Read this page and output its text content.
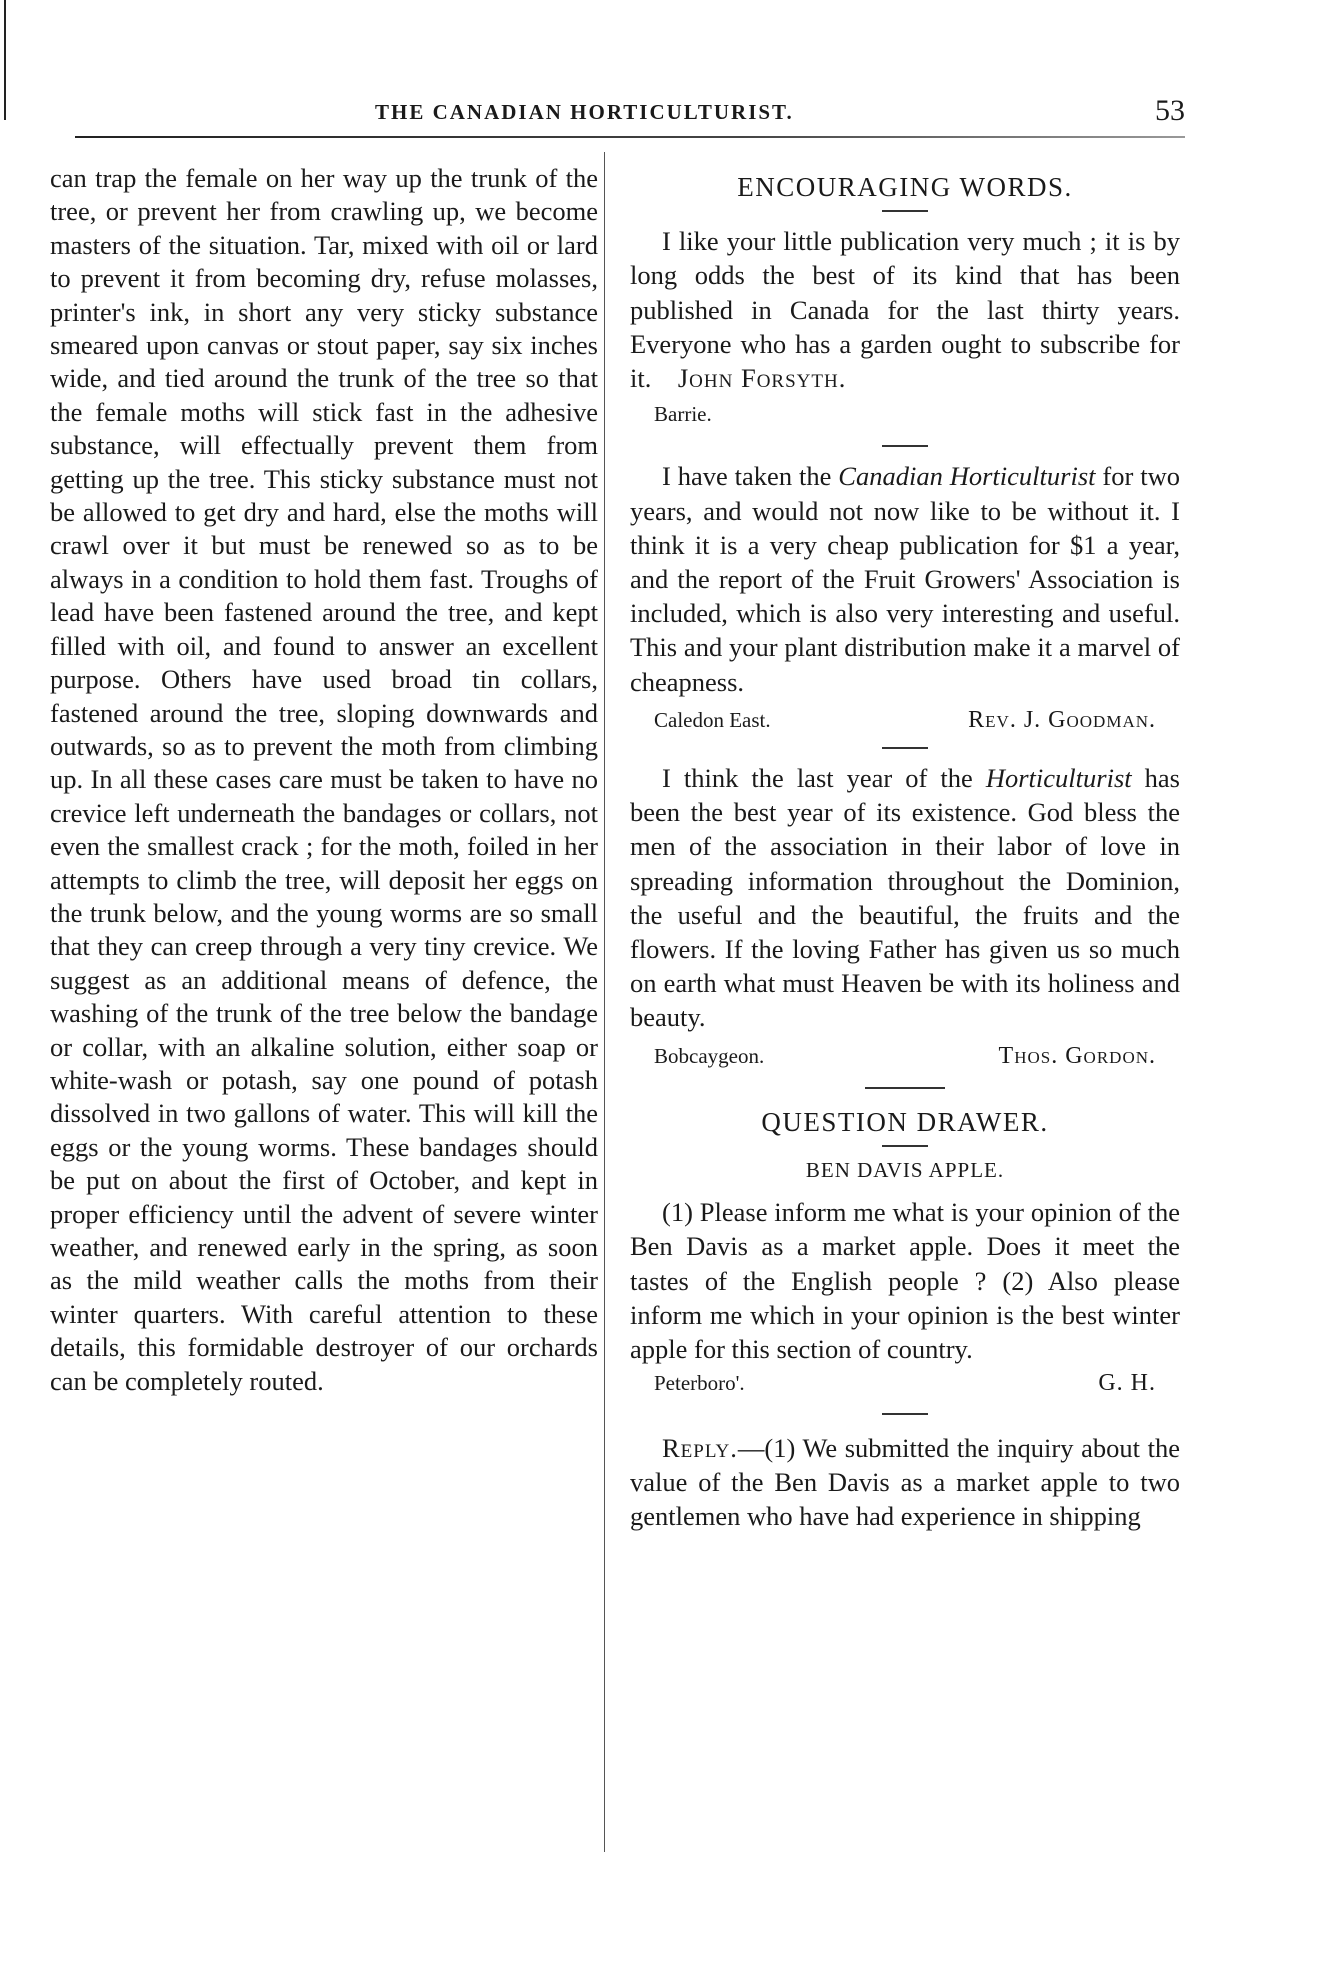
THE CANADIAN HORTICULTURIST.	53

can trap the female on her way up the trunk of the tree, or prevent her from crawling up, we become masters of the situation. Tar, mixed with oil or lard to prevent it from becoming dry, refuse molasses, printer's ink, in short any very sticky substance smeared upon canvas or stout paper, say six inches wide, and tied around the trunk of the tree so that the female moths will stick fast in the adhesive substance, will effectually prevent them from getting up the tree. This sticky substance must not be allowed to get dry and hard, else the moths will crawl over it but must be renewed so as to be always in a condition to hold them fast. Troughs of lead have been fastened around the tree, and kept filled with oil, and found to answer an excellent purpose. Others have used broad tin collars, fastened around the tree, sloping downwards and outwards, so as to prevent the moth from climbing up. In all these cases care must be taken to have no crevice left underneath the bandages or collars, not even the smallest crack ; for the moth, foiled in her attempts to climb the tree, will deposit her eggs on the trunk below, and the young worms are so small that they can creep through a very tiny crevice. We suggest as an additional means of defence, the washing of the trunk of the tree below the bandage or collar, with an alkaline solution, either soap or white-wash or potash, say one pound of potash dissolved in two gallons of water. This will kill the eggs or the young worms. These bandages should be put on about the first of October, and kept in proper efficiency until the advent of severe winter weather, and renewed early in the spring, as soon as the mild weather calls the moths from their winter quarters. With careful attention to these details, this formidable destroyer of our orchards can be completely routed.

ENCOURAGING WORDS.

I like your little publication very much ; it is by long odds the best of its kind that has been published in Canada for the last thirty years. Everyone who has a garden ought to subscribe for it. John Forsyth.

Barrie.

I have taken the Canadian Horticulturist for two years, and would not now like to be without it. I think it is a very cheap publication for $1 a year, and the report of the Fruit Growers' Association is included, which is also very interesting and useful. This and your plant distribution make it a marvel of cheapness.

Caledon East.	Rev. J. Goodman.

I think the last year of the Horticulturist has been the best year of its existence. God bless the men of the association in their labor of love in spreading information throughout the Dominion, the useful and the beautiful, the fruits and the flowers. If the loving Father has given us so much on earth what must Heaven be with its holiness and beauty.

Bobcaygeon.	Thos. Gordon.
QUESTION DRAWER.
BEN DAVIS APPLE.

(1) Please inform me what is your opinion of the Ben Davis as a market apple. Does it meet the tastes of the English people ? (2) Also please inform me which in your opinion is the best winter apple for this section of country.

Peterboro'.	G. H.

Reply.—(1) We submitted the inquiry about the value of the Ben Davis as a market apple to two gentlemen who have had experience in shipping
